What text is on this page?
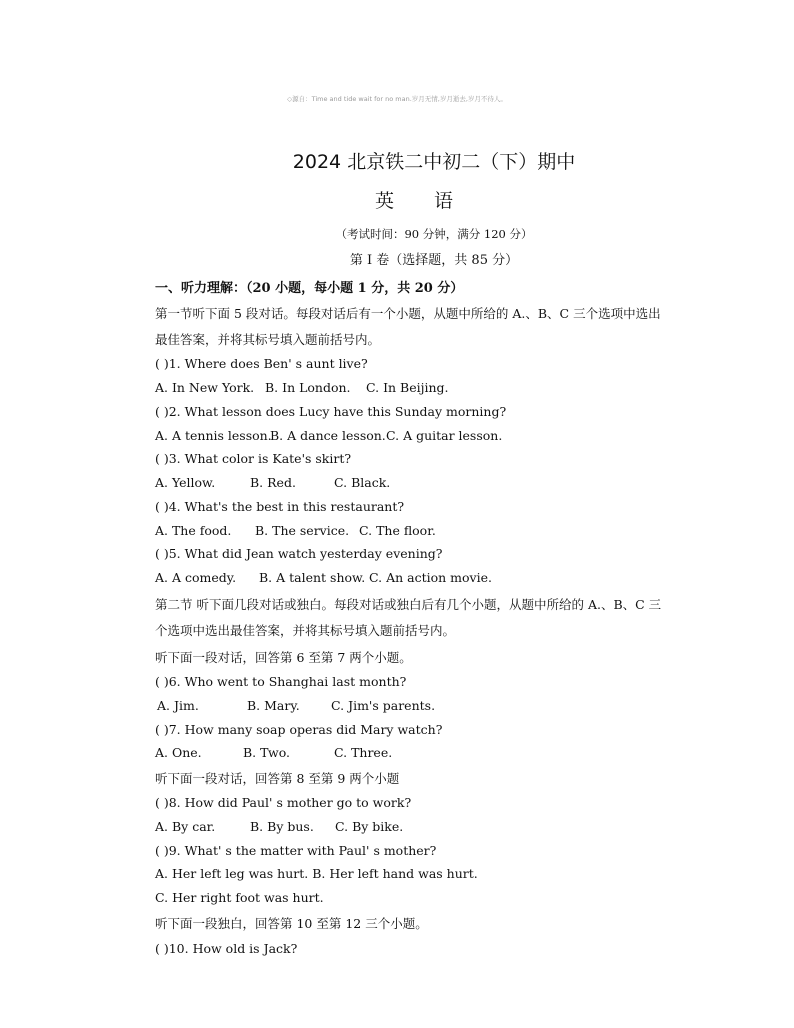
◇源自：Time and tide wait for no man.岁月无情,岁月逝去,岁月不待人。
2024 北京铁二中初二（下）期中
英语
（考试时间：90 分钟，满分 120 分）
第 I 卷（选择题，共 85 分）
一、听力理解：（20 小题，每小题 1 分，共 20 分）
第一节听下面 5 段对话。每段对话后有一个小题，从题中所给的 A.、B、C 三个选项中选出
最佳答案，并将其标号填入题前括号内。
( )1. Where does Ben' s aunt live?
A. In New York. B. In London. C. In Beijing.
( )2. What lesson does Lucy have this Sunday morning?
A. A tennis lesson.B. A dance lesson.C. A guitar lesson.
( )3. What color is Kate's skirt?
A. Yellow.	B. Red.	C. Black.
( )4. What's the best in this restaurant?
A. The food. B. The service. C. The floor.
( )5. What did Jean watch yesterday evening?
A. A comedy. B. A talent show. C. An action movie.
第二节 听下面几段对话或独白。每段对话或独白后有几个小题，从题中所给的 A.、B、C 三
个选项中选出最佳答案，并将其标号填入题前括号内。
听下面一段对话，回答第 6 至第 7 两个小题。
( )6. Who went to Shanghai last month?
A. Jim.	B. Mary.	C. Jim's parents.
( )7. How many soap operas did Mary watch?
A. One.	B. Two.	C. Three.
听下面一段对话，回答第 8 至第 9 两个小题
( )8. How did Paul' s mother go to work?
A. By car.	B. By bus. C. By bike.
( )9. What' s the matter with Paul' s mother?
A. Her left leg was hurt. B. Her left hand was hurt.
C. Her right foot was hurt.
听下面一段独白，回答第 10 至第 12 三个小题。
( )10. How old is Jack?
